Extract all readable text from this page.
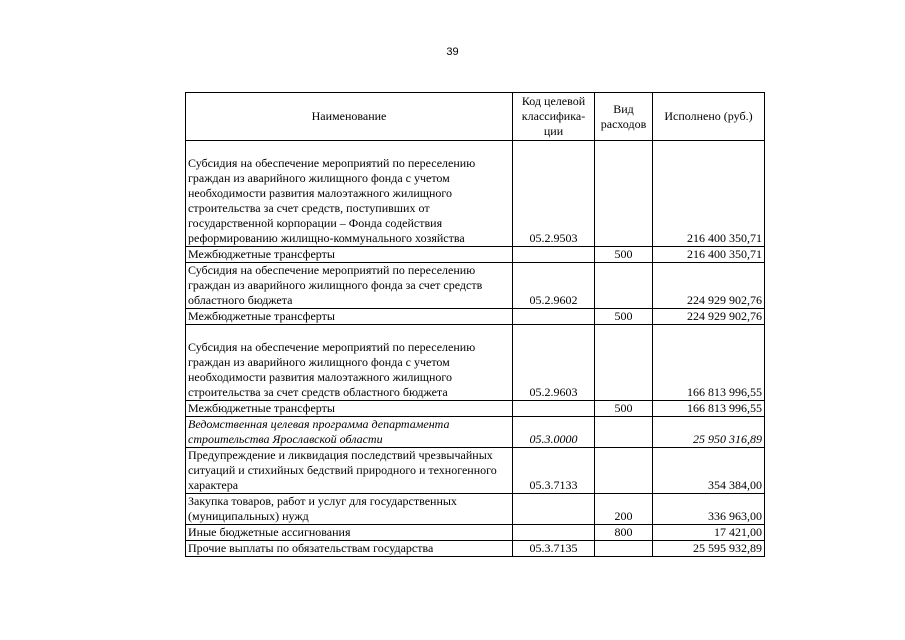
39
Наименование	Код целевой классифика-ции	Вид расходов	Исполнено (руб.)

Субсидия на обеспечение мероприятий по переселению граждан из аварийного жилищного фонда с учетом необходимости развития малоэтажного жилищного строительства за счет средств, поступивших от государственной корпорации – Фонда содействия реформированию жилищно-коммунального хозяйства	05.2.9503		216 400 350,71
Межбюджетные трансферты		500	216 400 350,71
Субсидия на обеспечение мероприятий по переселению граждан из аварийного жилищного фонда за счет средств областного бюджета	05.2.9602		224 929 902,76
Межбюджетные трансферты		500	224 929 902,76

Субсидия на обеспечение мероприятий по переселению граждан из аварийного жилищного фонда с учетом необходимости развития малоэтажного жилищного строительства за счет средств областного бюджета	05.2.9603		166 813 996,55
Межбюджетные трансферты		500	166 813 996,55
Ведомственная целевая программа департамента строительства Ярославской области	05.3.0000		25 950 316,89
Предупреждение и ликвидация последствий чрезвычайных ситуаций и стихийных бедствий природного и техногенного характера	05.3.7133		354 384,00
Закупка товаров, работ и услуг для государственных (муниципальных) нужд		200	336 963,00
Иные бюджетные ассигнования		800	17 421,00
Прочие выплаты по обязательствам государства	05.3.7135		25 595 932,89
